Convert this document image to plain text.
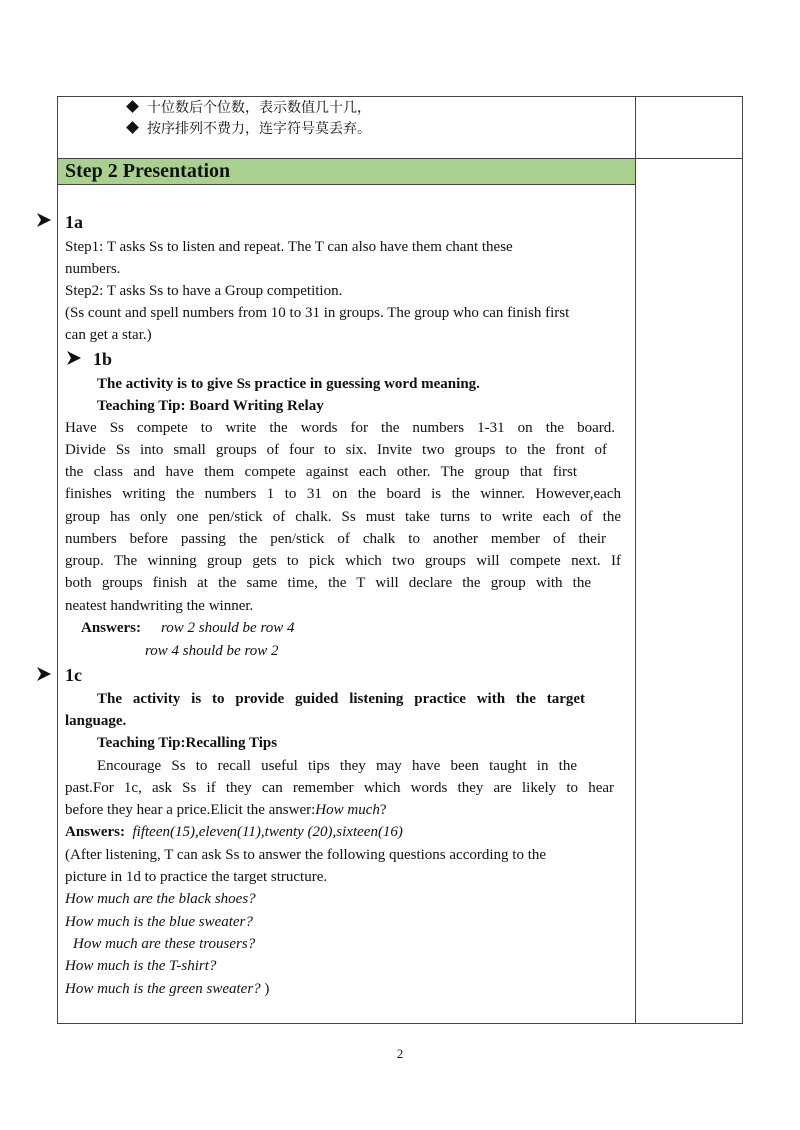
十位数后个位数，表示数值几十几，
按序排列不费力，连字符号莫丢弃。
Step 2 Presentation
1a
Step1: T asks Ss to listen and repeat. The T can also have them chant these
numbers.
Step2: T asks Ss to have a Group competition.
(Ss count and spell numbers from 10 to 31 in groups. The group who can finish first
can get a star.)
1b
The activity is to give Ss practice in guessing word meaning.
Teaching Tip: Board Writing Relay
Have Ss compete to write the words for the numbers 1-31 on the board.
Divide Ss into small groups of four to six. Invite two groups to the front of
the class and have them compete against each other. The group that first
finishes writing the numbers 1 to 31 on the board is the winner. However,each
group has only one pen/stick of chalk. Ss must take turns to write each of the
numbers before passing the pen/stick of chalk to another member of their
group. The winning group gets to pick which two groups will compete next. If
both groups finish at the same time, the T will declare the group with the
neatest handwriting the winner.
Answers: row 2 should be row 4
row 4 should be row 2
1c
The activity is to provide guided listening practice with the target
language.
Teaching Tip:Recalling Tips
Encourage Ss to recall useful tips they may have been taught in the
past.For 1c, ask Ss if they can remember which words they are likely to hear
before they hear a price.Elicit the answer:How much?
Answers: fifteen(15),eleven(11),twenty (20),sixteen(16)
(After listening, T can ask Ss to answer the following questions according to the
picture in 1d to practice the target structure.
How much are the black shoes?
How much is the blue sweater?
How much are these trousers?
How much is the T-shirt?
How much is the green sweater? )
2
